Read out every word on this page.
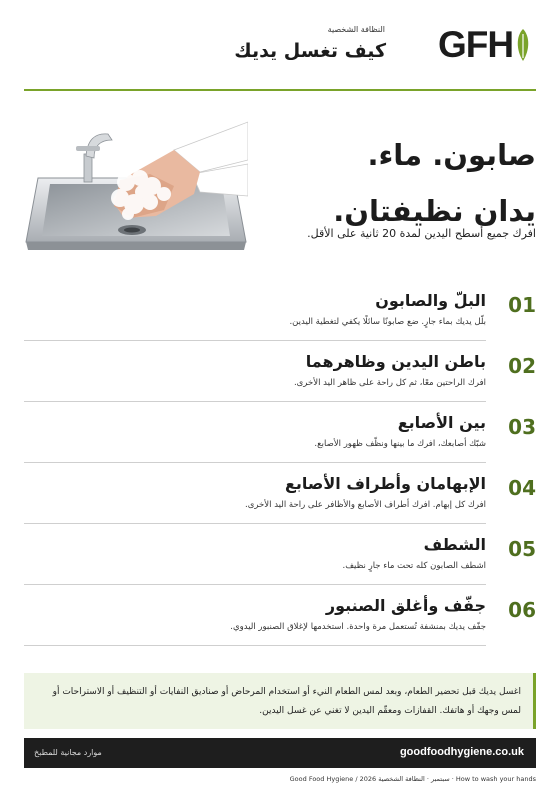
GFH
النظافة الشخصية
كيف تغسل يديك
صابون. ماء.
يدان نظيفتان.
افرك جميع أسطح اليدين لمدة 20 ثانية على الأقل.
01
البلّ والصابون
بلّل يديك بماء جارٍ. ضع صابونًا سائلًا يكفي لتغطية اليدين.
02
باطن اليدين وظاهرهما
افرك الراحتين معًا، ثم كل راحة على ظاهر اليد الأخرى.
03
بين الأصابع
شبّك أصابعك، افرك ما بينها ونظّف ظهور الأصابع.
04
الإبهامان وأطراف الأصابع
افرك كل إبهام. افرك أطراف الأصابع والأظافر على راحة اليد الأخرى.
05
الشطف
اشطف الصابون كله تحت ماء جارٍ نظيف.
06
جفّف وأغلق الصنبور
جفّف يديك بمنشفة تُستعمل مرة واحدة. استخدمها لإغلاق الصنبور اليدوي.
اغسل يديك قبل تحضير الطعام، وبعد لمس الطعام النيء أو استخدام المرحاض أو صناديق النفايات أو التنظيف أو الاستراحات أو لمس وجهك أو هاتفك. القفازات ومعقّم اليدين لا تغني عن غسل اليدين.
goodfoodhygiene.co.uk
موارد مجانية للمطبخ
Good Food Hygiene / 2026 سبتمبر · النظافة الشخصية · How to wash your hands
